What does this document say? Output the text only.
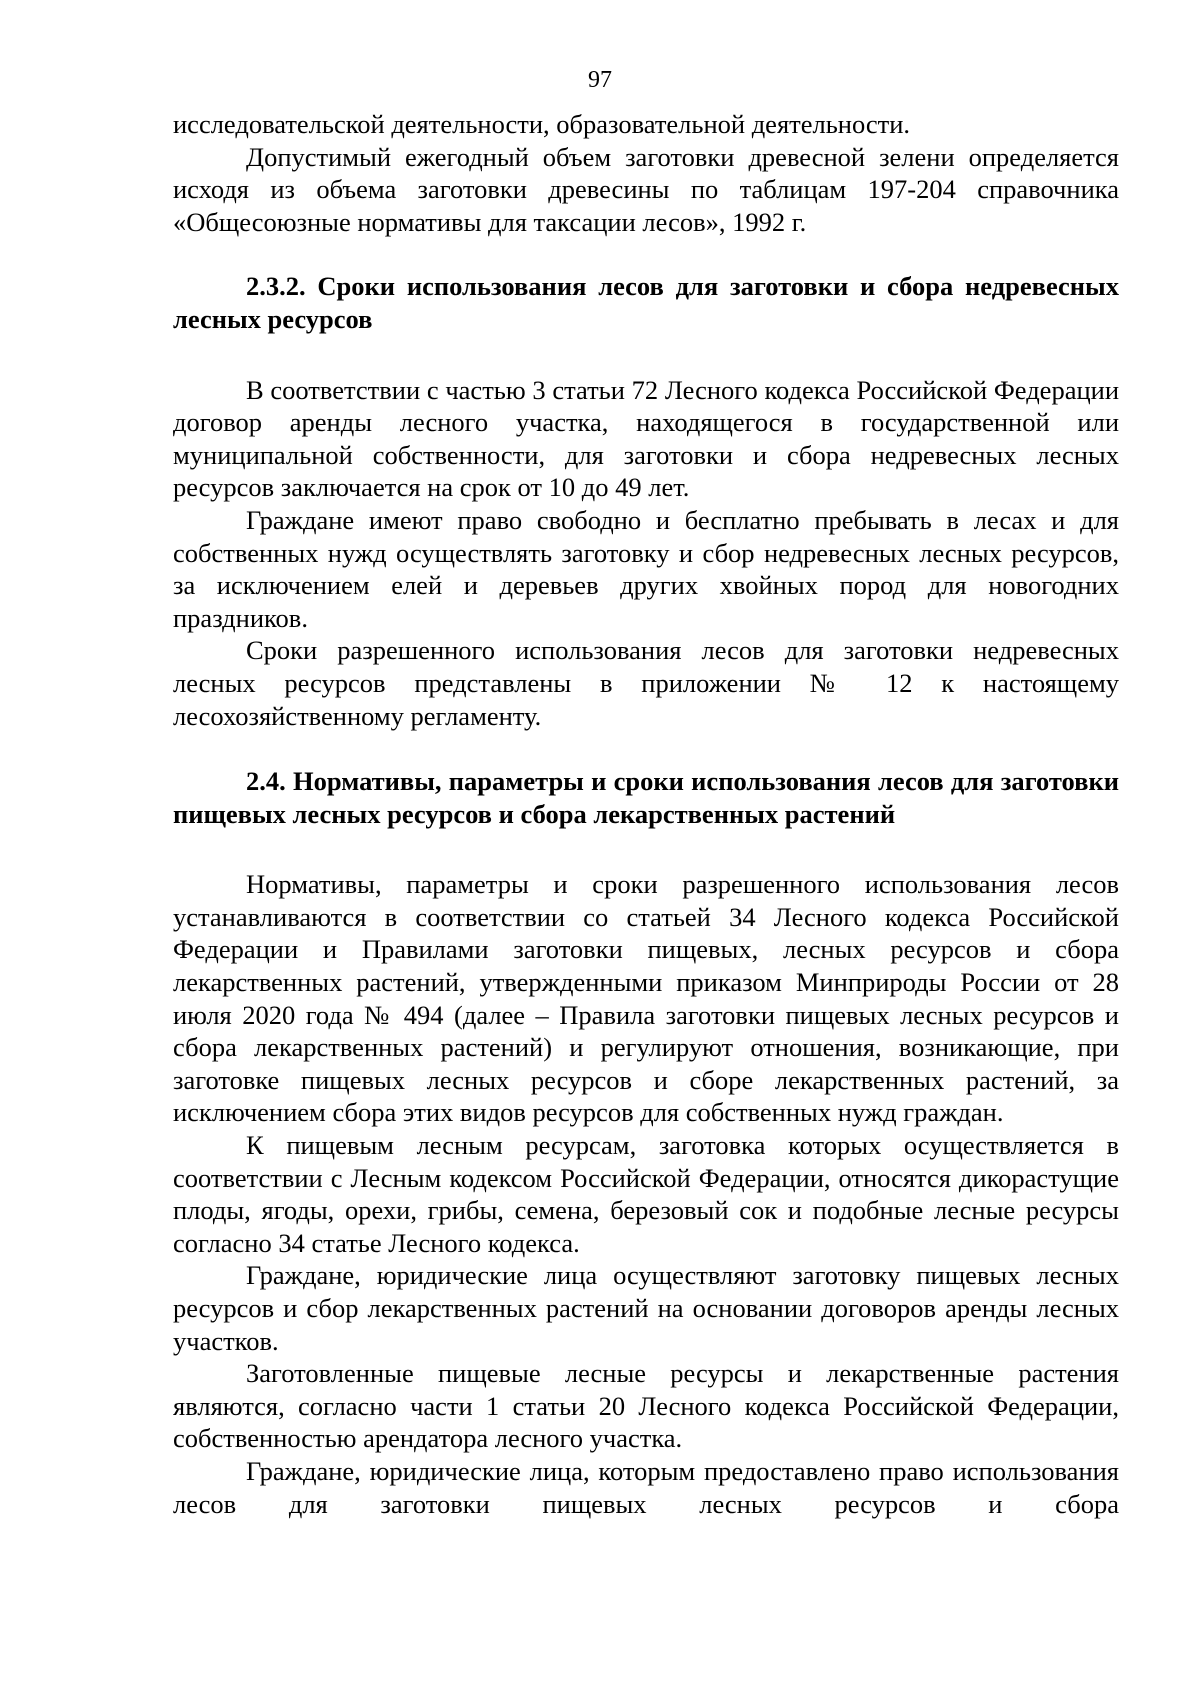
97

исследовательской деятельности, образовательной деятельности.

Допустимый ежегодный объем заготовки древесной зелени определяется исходя из объема заготовки древесины по таблицам 197-204 справочника «Общесоюзные нормативы для таксации лесов», 1992 г.

2.3.2. Сроки использования лесов для заготовки и сбора недревесных лесных ресурсов

В соответствии с частью 3 статьи 72 Лесного кодекса Российской Федерации договор аренды лесного участка, находящегося в государственной или муниципальной собственности, для заготовки и сбора недревесных лесных ресурсов заключается на срок от 10 до 49 лет.

Граждане имеют право свободно и бесплатно пребывать в лесах и для собственных нужд осуществлять заготовку и сбор недревесных лесных ресурсов, за исключением елей и деревьев других хвойных пород для новогодних праздников.

Сроки разрешенного использования лесов для заготовки недревесных лесных ресурсов представлены в приложении № 12 к настоящему лесохозяйственному регламенту.

2.4. Нормативы, параметры и сроки использования лесов для заготовки пищевых лесных ресурсов и сбора лекарственных растений

Нормативы, параметры и сроки разрешенного использования лесов устанавливаются в соответствии со статьей 34 Лесного кодекса Российской Федерации и Правилами заготовки пищевых, лесных ресурсов и сбора лекарственных растений, утвержденными приказом Минприроды России от 28 июля 2020 года № 494 (далее – Правила заготовки пищевых лесных ресурсов и сбора лекарственных растений) и регулируют отношения, возникающие, при заготовке пищевых лесных ресурсов и сборе лекарственных растений, за исключением сбора этих видов ресурсов для собственных нужд граждан.

К пищевым лесным ресурсам, заготовка которых осуществляется в соответствии с Лесным кодексом Российской Федерации, относятся дикорастущие плоды, ягоды, орехи, грибы, семена, березовый сок и подобные лесные ресурсы согласно 34 статье Лесного кодекса.

Граждане, юридические лица осуществляют заготовку пищевых лесных ресурсов и сбор лекарственных растений на основании договоров аренды лесных участков.

Заготовленные пищевые лесные ресурсы и лекарственные растения являются, согласно части 1 статьи 20 Лесного кодекса Российской Федерации, собственностью арендатора лесного участка.

Граждане, юридические лица, которым предоставлено право использования лесов для заготовки пищевых лесных ресурсов и сбора
